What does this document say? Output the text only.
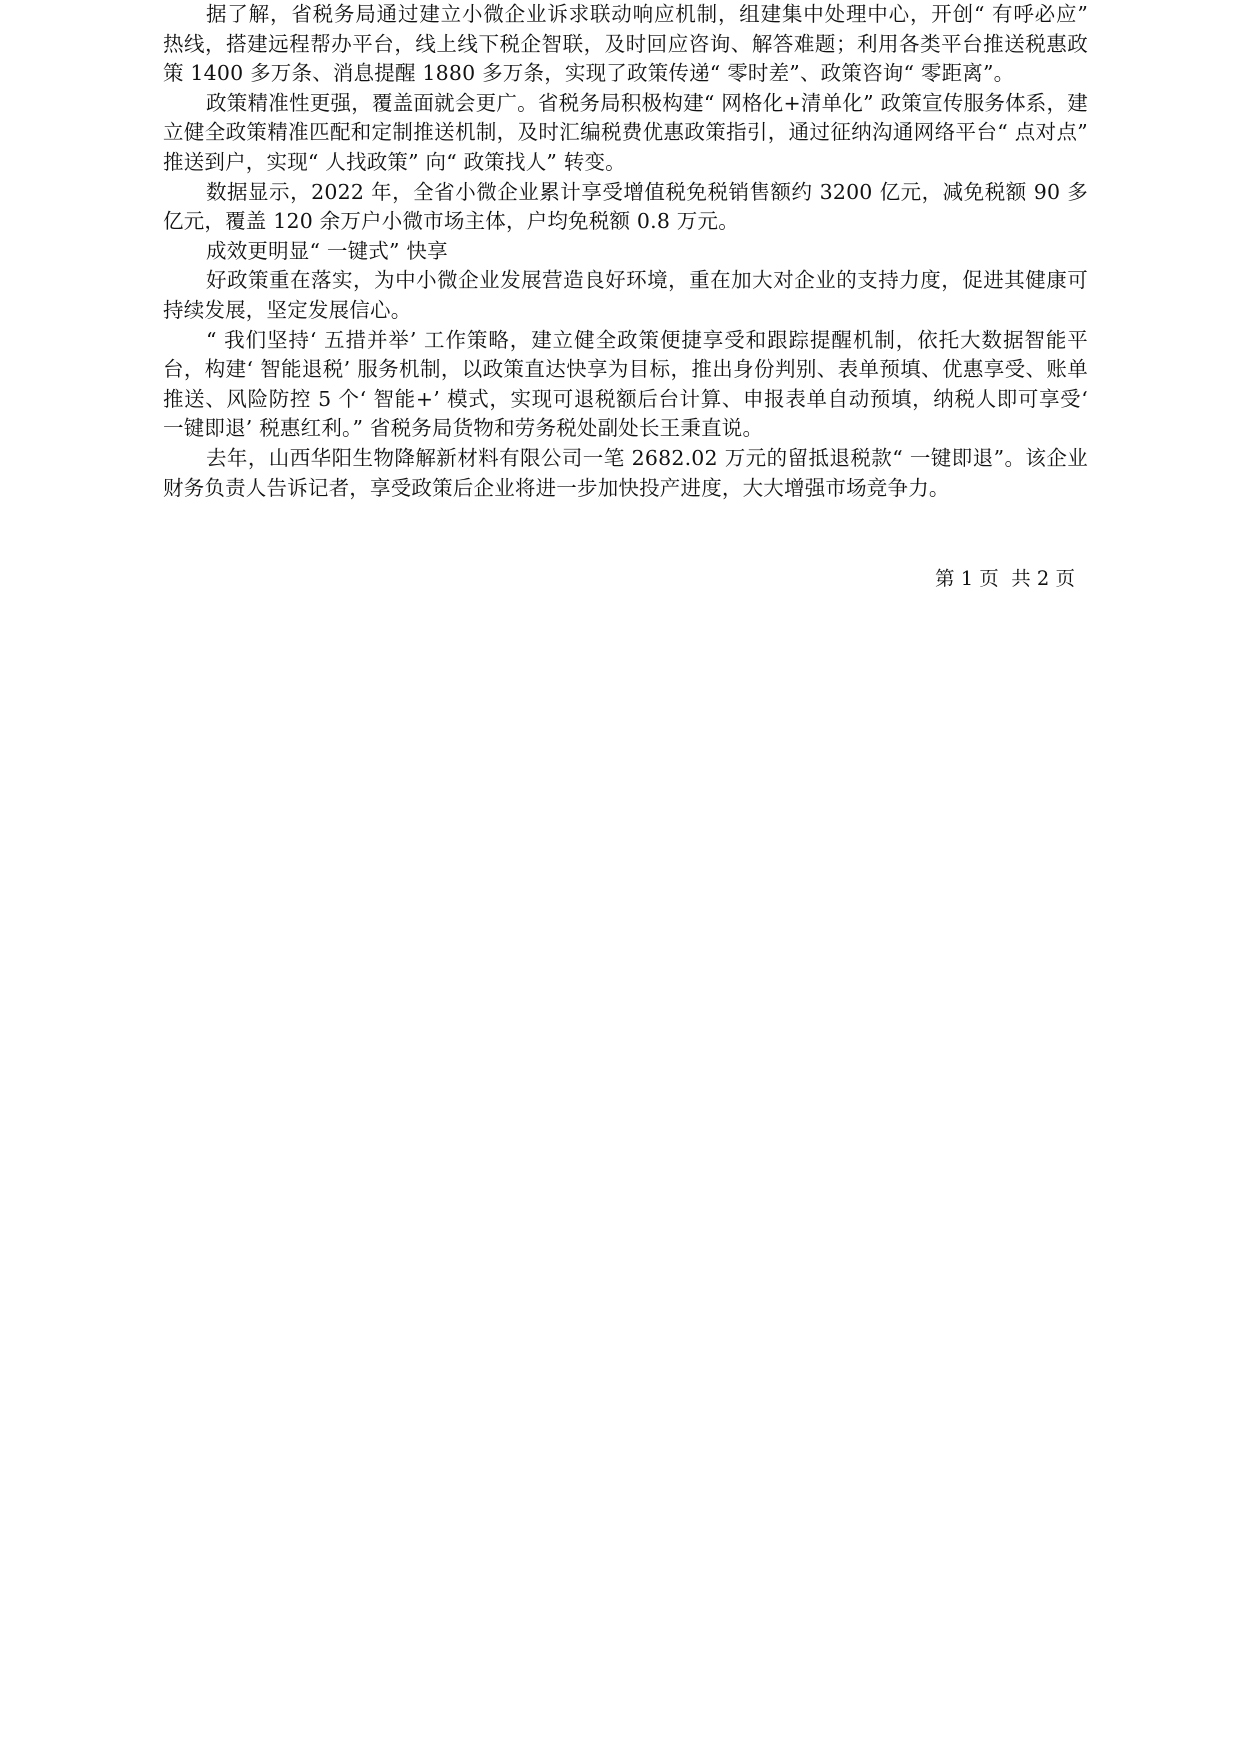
据了解，省税务局通过建立小微企业诉求联动响应机制，组建集中处理中心，开创“ 有呼必应” 热线，搭建远程帮办平台，线上线下税企智联，及时回应咨询、解答难题；利用各类平台推送税惠政策 1400 多万条、消息提醒 1880 多万条，实现了政策传递“ 零时差”、政策咨询“ 零距离”。

政策精准性更强，覆盖面就会更广。省税务局积极构建“ 网格化+清单化” 政策宣传服务体系，建立健全政策精准匹配和定制推送机制，及时汇编税费优惠政策指引，通过征纳沟通网络平台“ 点对点” 推送到户，实现“ 人找政策” 向“ 政策找人” 转变。

数据显示，2022 年，全省小微企业累计享受增值税免税销售额约 3200 亿元，减免税额 90 多亿元，覆盖 120 余万户小微市场主体，户均免税额 0.8 万元。

成效更明显“ 一键式” 快享

好政策重在落实，为中小微企业发展营造良好环境，重在加大对企业的支持力度，促进其健康可持续发展，坚定发展信心。

“ 我们坚持‘ 五措并举’ 工作策略，建立健全政策便捷享受和跟踪提醒机制，依托大数据智能平台，构建‘ 智能退税’ 服务机制，以政策直达快享为目标，推出身份判别、表单预填、优惠享受、账单推送、风险防控 5 个‘ 智能+’ 模式，实现可退税额后台计算、申报表单自动预填，纳税人即可享受‘ 一键即退’ 税惠红利。” 省税务局货物和劳务税处副处长王秉直说。

去年，山西华阳生物降解新材料有限公司一笔 2682.02 万元的留抵退税款“ 一键即退”。该企业财务负责人告诉记者，享受政策后企业将进一步加快投产进度，大大增强市场竞争力。

第 1 页  共 2 页
